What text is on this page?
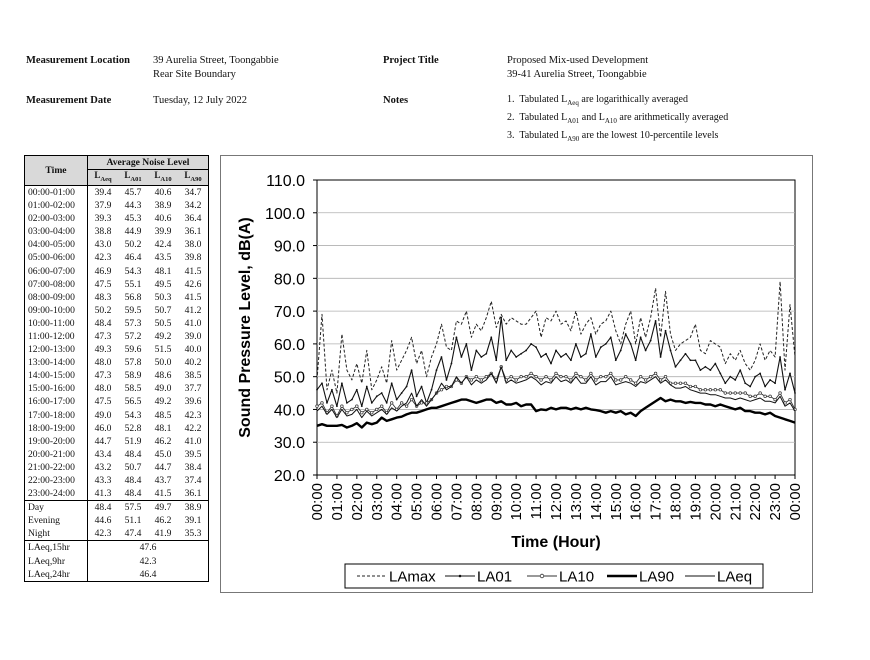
Measurement Location 39 Aurelia Street, Toongabbie
Rear Site Boundary
Measurement Date	Tuesday, 12 July 2022
Project Title	Proposed Mix-used Development
39-41 Aurelia Street, Toongabbie
Notes	1. Tabulated $L_{Aeq}$ are logarithically averaged
2. Tabulated $L_{A01}$ and $L_{A10}$ are arithmetically averaged
3. Tabulated $L_{A90}$ are the lowest 10-percentile levels
Time	Average Noise Level			
	$L_{Aeq}$	$L_{A01}$	$L_{A10}$	$L_{A90}$
00:00-01:00	39.4	45.7	40.6	34.7
01:00-02:00	37.9	44.3	38.9	34.2
02:00-03:00	39.3	45.3	40.6	36.4
03:00-04:00	38.8	44.9	39.9	36.1
04:00-05:00	43.0	50.2	42.4	38.0
05:00-06:00	42.3	46.4	43.5	39.8
06:00-07:00	46.9	54.3	48.1	41.5
07:00-08:00	47.5	55.1	49.5	42.6
08:00-09:00	48.3	56.8	50.3	41.5
09:00-10:00	50.2	59.5	50.7	41.2
10:00-11:00	48.4	57.3	50.5	41.0
11:00-12:00	47.3	57.2	49.2	39.0
12:00-13:00	49.3	59.6	51.5	40.0
13:00-14:00	48.0	57.8	50.0	40.2
14:00-15:00	47.3	58.9	48.6	38.5
15:00-16:00	48.0	58.5	49.0	37.7
16:00-17:00	47.5	56.5	49.2	39.6
17:00-18:00	49.0	54.3	48.5	42.3
18:00-19:00	46.0	52.8	48.1	42.2
19:00-20:00	44.7	51.9	46.2	41.0
20:00-21:00	43.4	48.4	45.0	39.5
21:00-22:00	43.2	50.7	44.7	38.4
22:00-23:00	43.3	48.4	43.7	37.4
23:00-24:00	41.3	48.4	41.5	36.1
Day	48.4	57.5	49.7	38.9
Evening	44.6	51.1	46.2	39.1
Night	42.3	47.4	41.9	35.3
LAeq,15hr	47.6			
LAeq,9hr	42.3			
LAeq,24hr	46.4			
20.0
30.0
40.0
50.0
60.0
70.0
80.0
90.0
100.0
110.0
00:00 01:00 02:00 03:00 04:00 05:00 06:00 07:00 08:00 09:00 10:00 11:00 12:00 13:00 14:00 15:00 16:00 17:00 18:00 19:00 20:00 21:00 22:00 23:00 00:00
Sound Pressure Level, dB(A)
Time (Hour)
LAmax	LA01	LA10	LA90	LAeq
